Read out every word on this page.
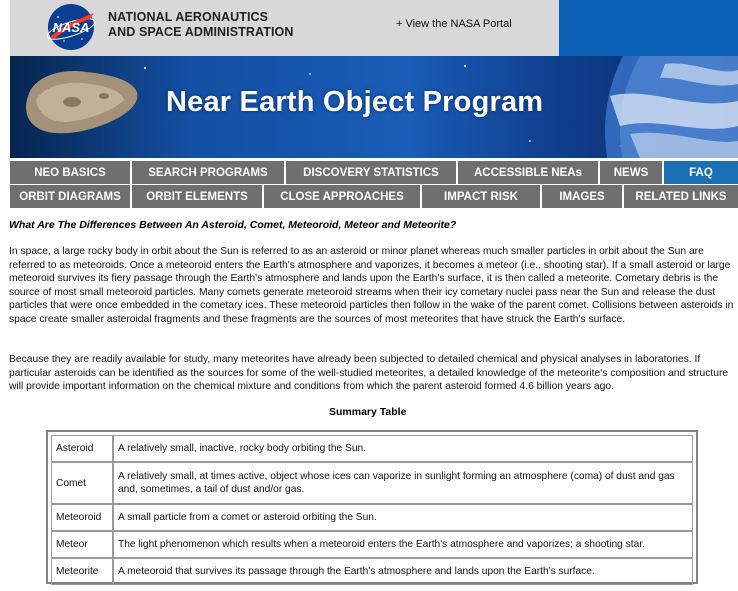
NASA
NATIONAL AERONAUTICS
AND SPACE ADMINISTRATION
+ View the NASA Portal
Near Earth Object Program
NEO BASICS	SEARCH PROGRAMS	DISCOVERY STATISTICS	ACCESSIBLE NEAs	NEWS	FAQ
ORBIT DIAGRAMS	ORBIT ELEMENTS	CLOSE APPROACHES	IMPACT RISK	IMAGES	RELATED LINKS
What Are The Differences Between An Asteroid, Comet, Meteoroid, Meteor and Meteorite?
In space, a large rocky body in orbit about the Sun is referred to as an asteroid or minor planet whereas much smaller particles in orbit about the Sun are referred to as meteoroids. Once a meteoroid enters the Earth's atmosphere and vaporizes, it becomes a meteor (i.e., shooting star). If a small asteroid or large meteoroid survives its fiery passage through the Earth's atmosphere and lands upon the Earth's surface, it is then called a meteorite. Cometary debris is the source of most small meteoroid particles. Many comets generate meteoroid streams when their icy cometary nuclei pass near the Sun and release the dust particles that were once embedded in the cometary ices. These meteoroid particles then follow in the wake of the parent comet. Collisions between asteroids in space create smaller asteroidal fragments and these fragments are the sources of most meteorites that have struck the Earth's surface.
Because they are readily available for study, many meteorites have already been subjected to detailed chemical and physical analyses in laboratories. If particular asteroids can be identified as the sources for some of the well-studied meteorites, a detailed knowledge of the meteorite's composition and structure will provide important information on the chemical mixture and conditions from which the parent asteroid formed 4.6 billion years ago.
Summary Table
Asteroid	A relatively small, inactive, rocky body orbiting the Sun.
Comet	A relatively small, at times active, object whose ices can vaporize in sunlight forming an atmosphere (coma) of dust and gas and, sometimes, a tail of dust and/or gas.
Meteoroid	A small particle from a comet or asteroid orbiting the Sun.
Meteor	The light phenomenon which results when a meteoroid enters the Earth's atmosphere and vaporizes; a shooting star.
Meteorite	A meteoroid that survives its passage through the Earth's atmosphere and lands upon the Earth's surface.
